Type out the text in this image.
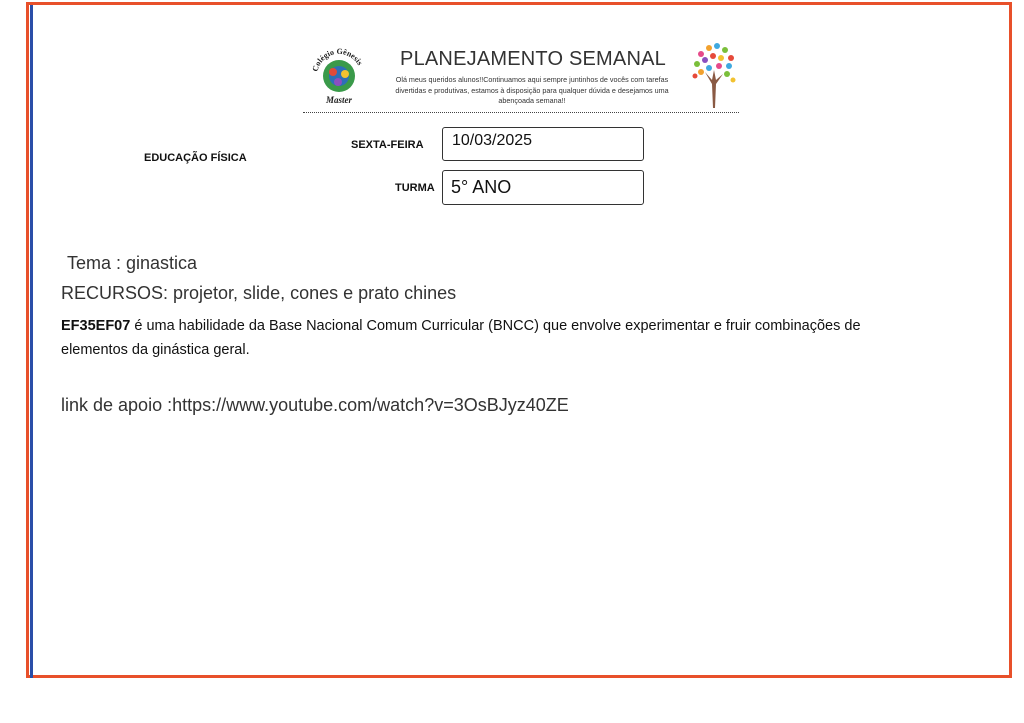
Colégio Gênesis
Master
PLANEJAMENTO SEMANAL
Olá meus queridos alunos!!Continuamos aqui sempre juntinhos de vocês com tarefas divertidas e produtivas, estamos à disposição para qualquer dúvida e desejamos uma abençoada semana!!
EDUCAÇÃO FÍSICA
SEXTA-FEIRA	10/03/2025
TURMA 5° ANO
Tema : ginastica
RECURSOS: projetor, slide, cones e prato chines
EF35EF07 é uma habilidade da Base Nacional Comum Curricular (BNCC) que envolve experimentar e fruir combinações de elementos da ginástica geral.
link de apoio :https://www.youtube.com/watch?v=3OsBJyz40ZE
